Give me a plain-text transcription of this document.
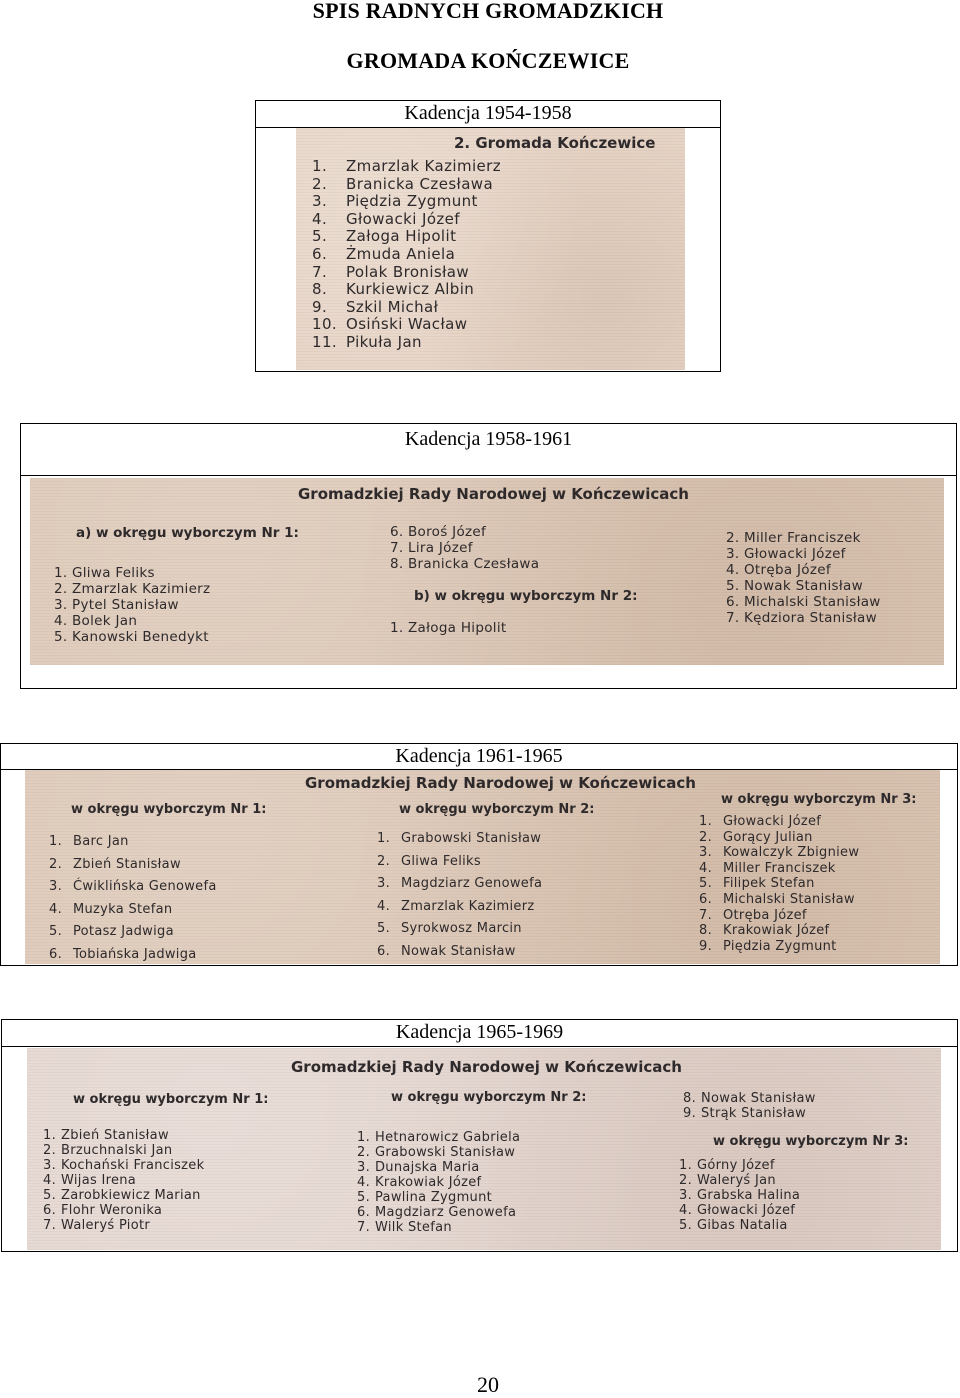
SPIS RADNYCH GROMADZKICH
GROMADA KOŃCZEWICE
Kadencja 1954-1958
2. Gromada Kończewice
1. Zmarzlak Kazimierz
2. Branicka Czesława
3. Piędzia Zygmunt
4. Głowacki Józef
5. Załoga Hipolit
6. Żmuda Aniela
7. Polak Bronisław
8. Kurkiewicz Albin
9. Szkil Michał
10. Osiński Wacław
11. Pikuła Jan
Kadencja 1958-1961
Gromadzkiej Rady Narodowej w Kończewicach
a) w okręgu wyborczym Nr 1:
b) w okręgu wyborczym Nr 2:
1. Gliwa Feliks
2. Zmarzlak Kazimierz
3. Pytel Stanisław
4. Bolek Jan
5. Kanowski Benedykt
6. Boroś Józef
7. Lira Józef
8. Branicka Czesława
1. Załoga Hipolit
2. Miller Franciszek
3. Głowacki Józef
4. Otręba Józef
5. Nowak Stanisław
6. Michalski Stanisław
7. Kędziora Stanisław
Kadencja 1961-1965
Gromadzkiej Rady Narodowej w Kończewicach
w okręgu wyborczym Nr 1:	w okręgu wyborczym Nr 2:
w okręgu wyborczym Nr 3:
1. Barc Jan
2. Zbień Stanisław
3. Ćwiklińska Genowefa
4. Muzyka Stefan
5. Potasz Jadwiga
6. Tobiańska Jadwiga
1. Grabowski Stanisław
2. Gliwa Feliks
3. Magdziarz Genowefa
4. Zmarzlak Kazimierz
5. Syrokwosz Marcin
6. Nowak Stanisław
1. Głowacki Józef
2. Gorący Julian
3. Kowalczyk Zbigniew
4. Miller Franciszek
5. Filipek Stefan
6. Michalski Stanisław
7. Otręba Józef
8. Krakowiak Józef
9. Piędzia Zygmunt
Kadencja 1965-1969
Gromadzkiej Rady Narodowej w Kończewicach
w okręgu wyborczym Nr 1:	w okręgu wyborczym Nr 2:
w okręgu wyborczym Nr 3:
1. Zbień Stanisław
2. Brzuchnalski Jan
3. Kochański Franciszek
4. Wijas Irena
5. Zarobkiewicz Marian
6. Flohr Weronika
7. Waleryś Piotr
1. Hetnarowicz Gabriela
2. Grabowski Stanisław
3. Dunajska Maria
4. Krakowiak Józef
5. Pawlina Zygmunt
6. Magdziarz Genowefa
7. Wilk Stefan
8. Nowak Stanisław
9. Strąk Stanisław
1. Górny Józef
2. Waleryś Jan
3. Grabska Halina
4. Głowacki Józef
5. Gibas Natalia
20
